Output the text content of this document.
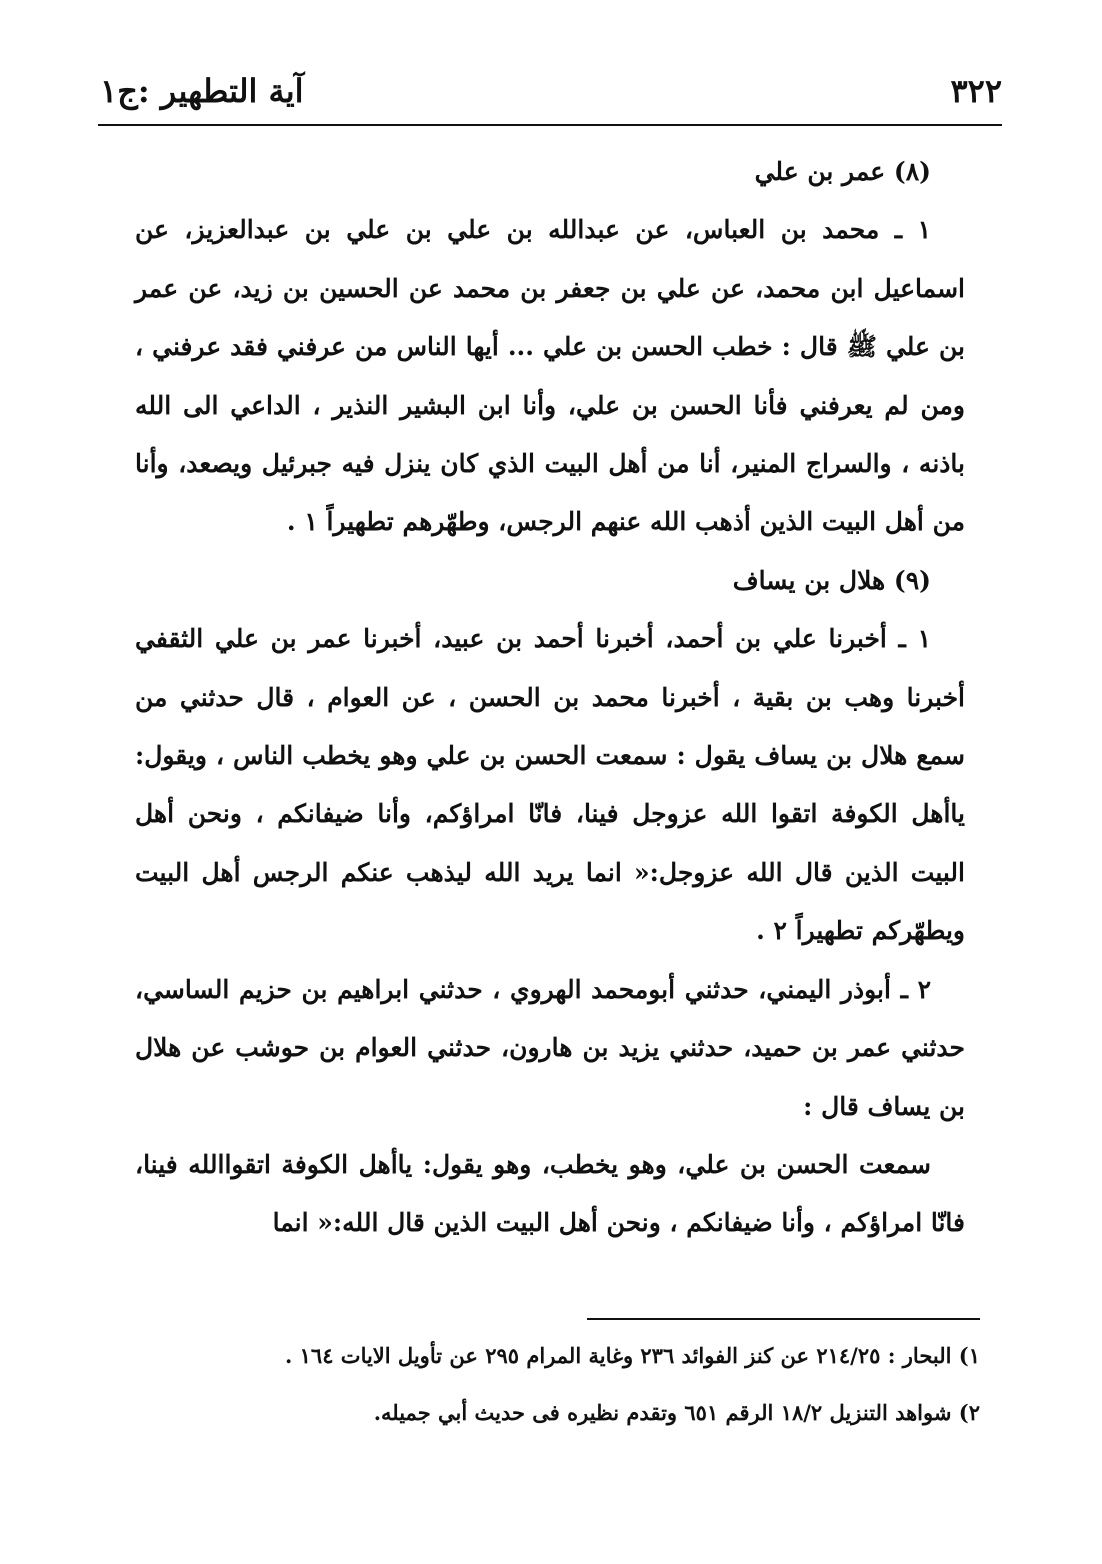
٣٢٢
آية التطهير :ج١

(٨) عمر بن علي

١ ـ محمد بن العباس، عن عبدالله بن علي بن علي بن عبدالعزيز، عن اسماعيل ابن محمد، عن علي بن جعفر بن محمد عن الحسين بن زيد، عن عمر بن علي ﷺ قال : خطب الحسن بن علي ... أيها الناس من عرفني فقد عرفني ، ومن لم يعرفني فأنا الحسن بن علي، وأنا ابن البشير النذير ، الداعي الى الله باذنه ، والسراج المنير، أنا من أهل البيت الذي كان ينزل فيه جبرئيل ويصعد، وأنا من أهل البيت الذين أذهب الله عنهم الرجس، وطهّرهم تطهيراً ١ .

(٩) هلال بن يساف

١ ـ أخبرنا علي بن أحمد، أخبرنا أحمد بن عبيد، أخبرنا عمر بن علي الثقفي أخبرنا وهب بن بقية ، أخبرنا محمد بن الحسن ، عن العوام ، قال حدثني من سمع هلال بن يساف يقول : سمعت الحسن بن علي وهو يخطب الناس ، ويقول: ياأهل الكوفة اتقوا الله عزوجل فينا، فانّا امراؤكم، وأنا ضيفانكم ، ونحن أهل البيت الذين قال الله عزوجل:« انما يريد الله ليذهب عنكم الرجس أهل البيت ويطهّركم تطهيراً ٢ .

٢ ـ أبوذر اليمني، حدثني أبومحمد الهروي ، حدثني ابراهيم بن حزيم الساسي، حدثني عمر بن حميد، حدثني يزيد بن هارون، حدثني العوام بن حوشب عن هلال بن يساف قال :

سمعت الحسن بن علي، وهو يخطب، وهو يقول: ياأهل الكوفة اتقواالله فينا، فانّا امراؤكم ، وأنا ضيفانكم ، ونحن أهل البيت الذين قال الله:« انما

١) البحار : ٢١٤/٢٥ عن كنز الفوائد ٢٣٦ وغاية المرام ٢٩٥ عن تأويل الايات ١٦٤ .

٢) شواهد التنزيل ١٨/٢ الرقم ٦٥١ وتقدم نظيره فى حديث أبي جميله.
